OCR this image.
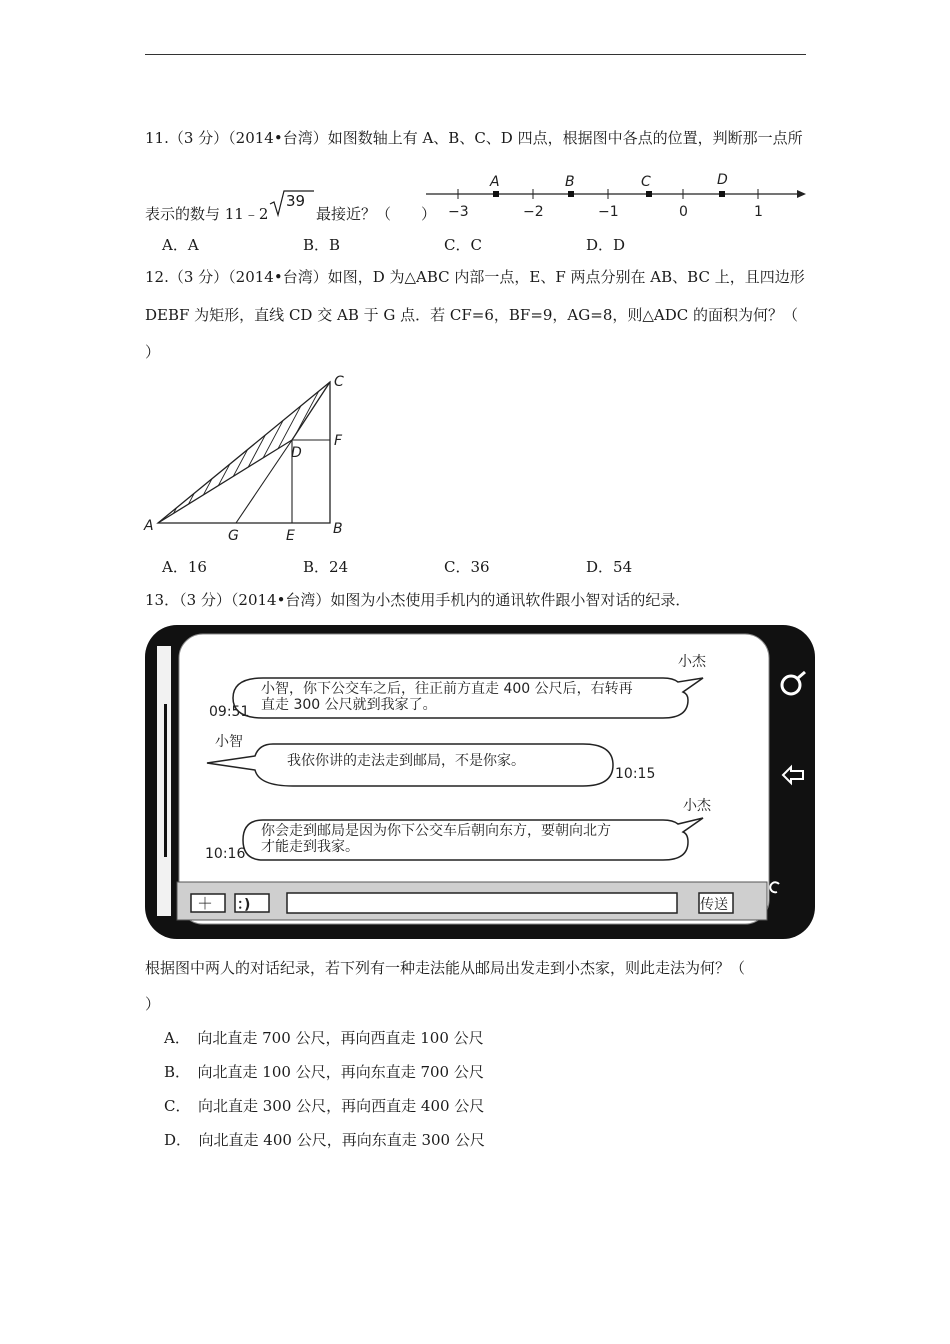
11.（3 分）（2014•台湾）如图数轴上有 A、B、C、D 四点，根据图中各点的位置，判断那一点所
表示的数与 11﹣2	最接近？（　　）
39
−3	−2	−1	0	1
A	B	C	D
A．A	B．B	C．C	D．D
12.（3 分）（2014•台湾）如图，D 为△ABC 内部一点，E、F 两点分别在 AB、BC 上，且四边形
DEBF 为矩形，直线 CD 交 AB 于 G 点．若 CF=6，BF=9，AG=8，则△ADC 的面积为何？（
）
A	B
C
D
E
F
G
A．16	B．24	C．36	D．54
13．（3 分）（2014•台湾）如图为小杰使用手机内的通讯软件跟小智对话的纪录．
小杰
小智，你下公交车之后，往正前方直走 400 公尺后，右转再
直走 300 公尺就到我家了。
09:51
小智
我依你讲的走法走到邮局，不是你家。
10:15
小杰
你会走到邮局是因为你下公交车后朝向东方，要朝向北方
才能走到我家。
10:16
＋ ：)	传送
根据图中两人的对话纪录，若下列有一种走法能从邮局出发走到小杰家，则此走法为何？（
）
A．　向北直走 700 公尺，再向西直走 100 公尺
B．　向北直走 100 公尺，再向东直走 700 公尺
C．　向北直走 300 公尺，再向西直走 400 公尺
D．　向北直走 400 公尺，再向东直走 300 公尺
